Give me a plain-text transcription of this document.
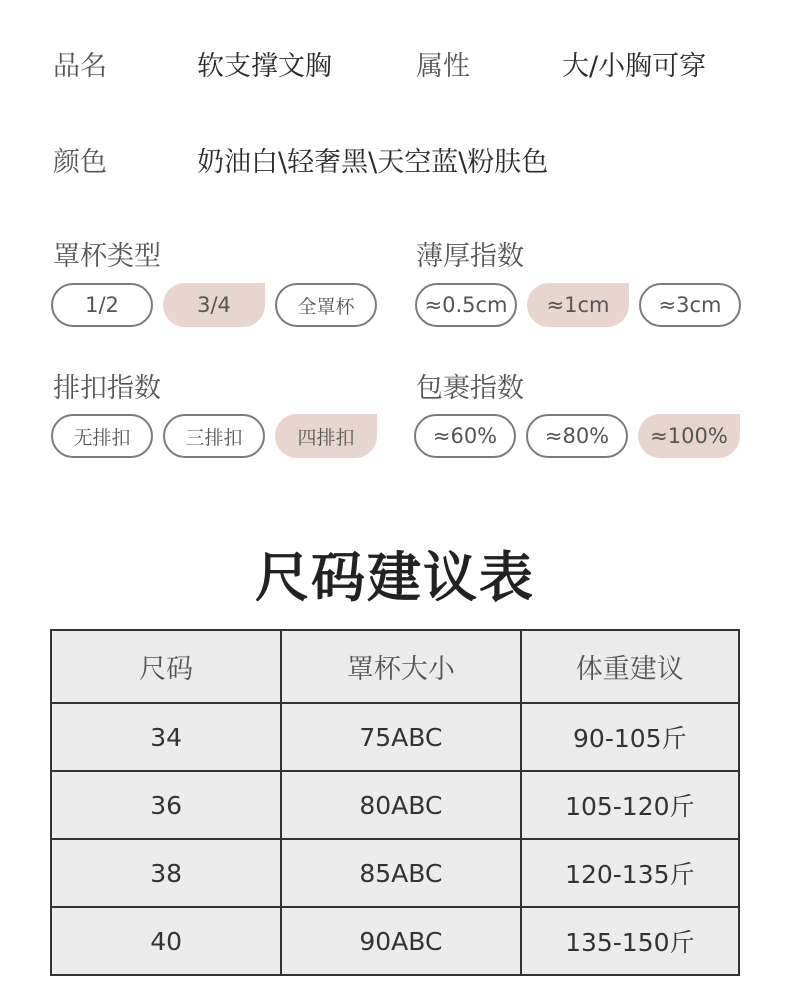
品名	软支撑文胸	属性	大/小胸可穿
颜色	奶油白\轻奢黑\天空蓝\粉肤色
罩杯类型
1/2	3/4	全罩杯
薄厚指数
≈0.5cm	≈1cm	≈3cm
排扣指数
无排扣	三排扣	四排扣
包裹指数
≈60%	≈80%	≈100%
尺码建议表
尺码	罩杯大小	体重建议
34	75ABC	90-105斤
36	80ABC	105-120斤
38	85ABC	120-135斤
40	90ABC	135-150斤
